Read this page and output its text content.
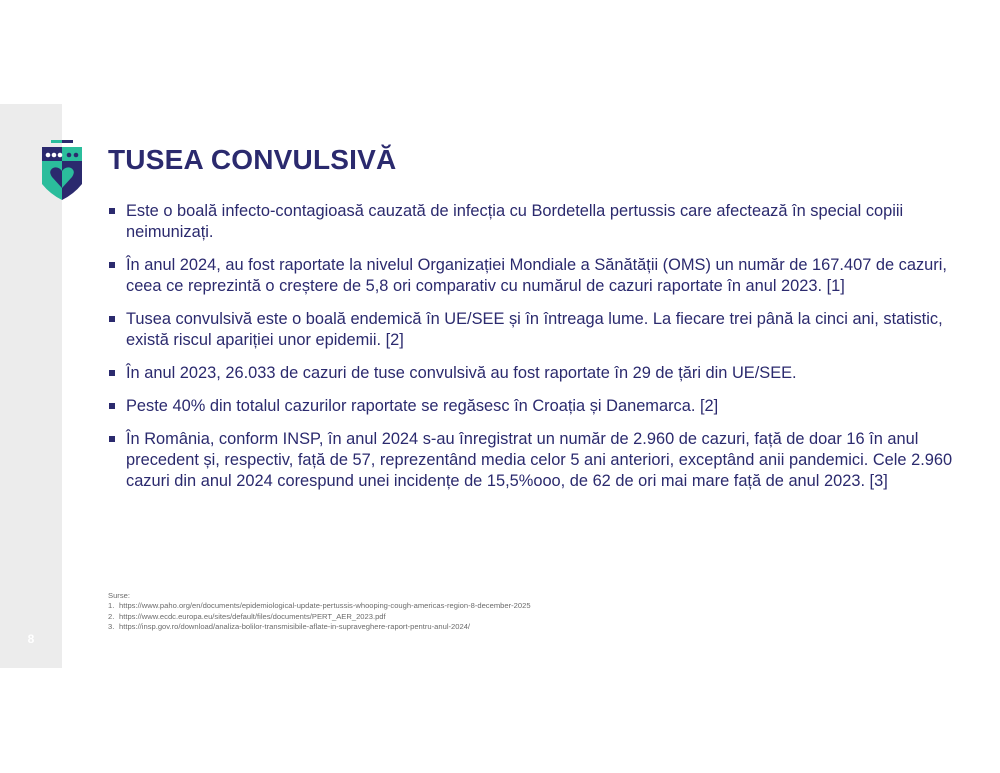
8
TUSEA CONVULSIVĂ
Este o boală infecto-contagioasă cauzată de infecția cu Bordetella pertussis care afectează în special copiii neimunizați.
În anul 2024, au fost raportate la nivelul Organizației Mondiale a Sănătății (OMS) un număr de 167.407 de cazuri, ceea ce reprezintă o creștere de 5,8 ori comparativ cu numărul de cazuri raportate în anul 2023. [1]
Tusea convulsivă este o boală endemică în UE/SEE și în întreaga lume. La fiecare trei până la cinci ani, statistic, există riscul apariției unor epidemii. [2]
În anul 2023, 26.033 de cazuri de tuse convulsivă au fost raportate în 29 de țări din UE/SEE.
Peste 40% din totalul cazurilor raportate se regăsesc în Croația și Danemarca. [2]
În România, conform INSP, în anul 2024 s-au înregistrat un număr de 2.960 de cazuri, față de doar 16 în anul precedent și, respectiv, față de 57, reprezentând media celor 5 ani anteriori, exceptând anii pandemici. Cele 2.960 cazuri din anul 2024 corespund unei incidențe de 15,5%ooo, de 62 de ori mai mare față de anul 2023. [3]
Surse:
1. https://www.paho.org/en/documents/epidemiological-update-pertussis-whooping-cough-americas-region-8-december-2025
2. https://www.ecdc.europa.eu/sites/default/files/documents/PERT_AER_2023.pdf
3. https://insp.gov.ro/download/analiza-bolilor-transmisibile-aflate-in-supraveghere-raport-pentru-anul-2024/
